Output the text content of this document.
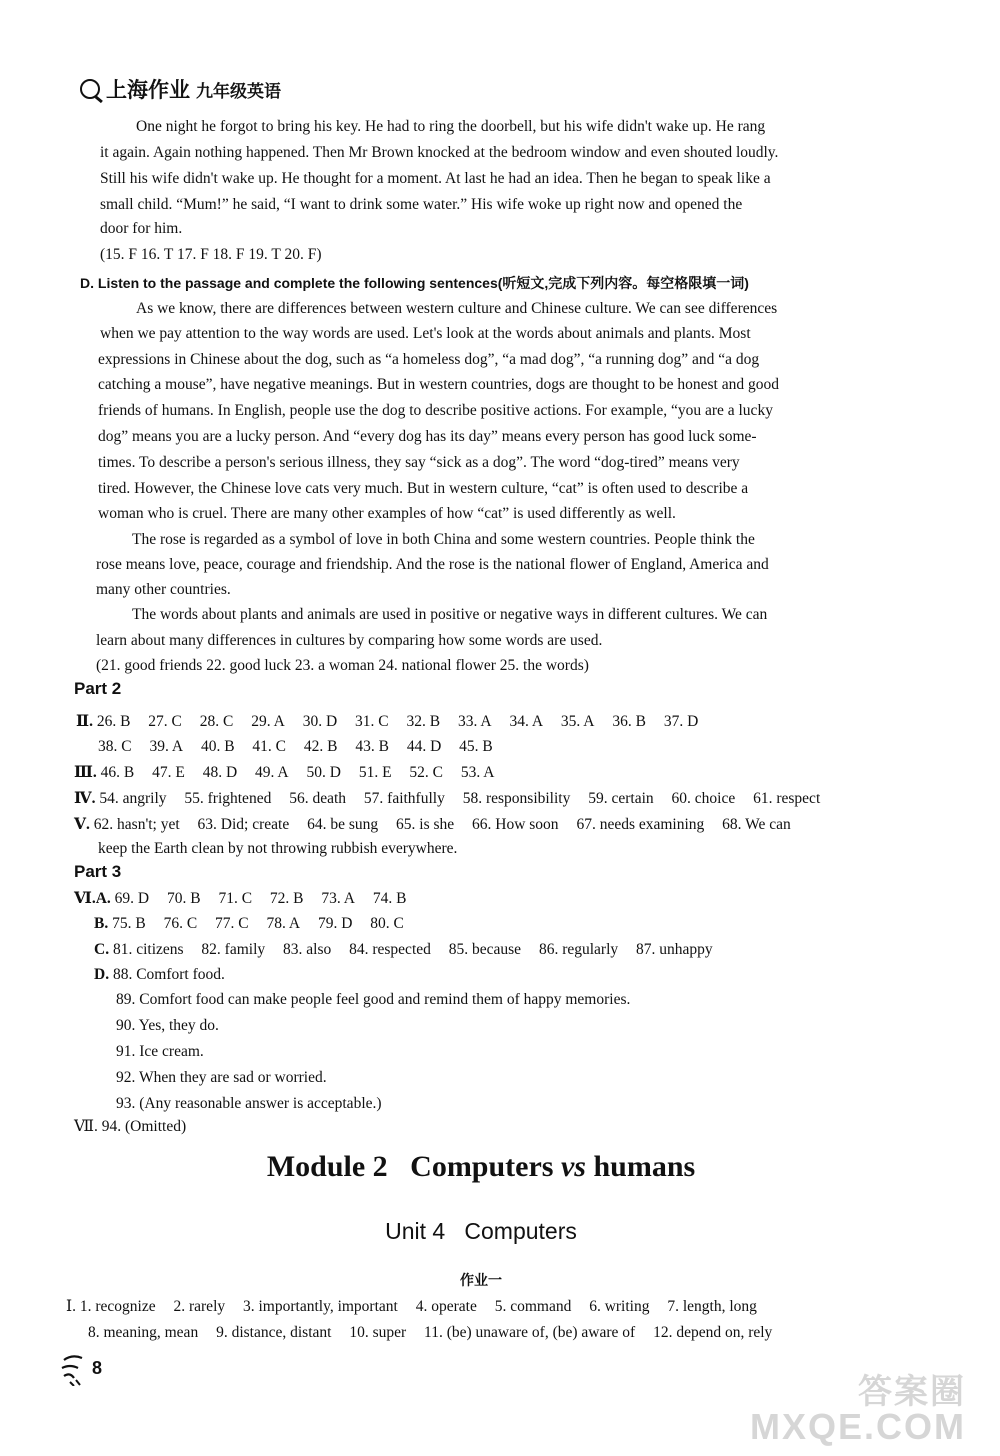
上海作业 九年级英语
One night he forgot to bring his key. He had to ring the doorbell, but his wife didn't wake up. He rang
it again. Again nothing happened. Then Mr Brown knocked at the bedroom window and even shouted loudly.
Still his wife didn't wake up. He thought for a moment. At last he had an idea. Then he began to speak like a
small child. “Mum!” he said, “I want to drink some water.” His wife woke up right now and opened the
door for him.
(15. F 16. T 17. F 18. F 19. T 20. F)
D. Listen to the passage and complete the following sentences(听短文,完成下列内容。每空格限填一词)
As we know, there are differences between western culture and Chinese culture. We can see differences
when we pay attention to the way words are used. Let's look at the words about animals and plants. Most
expressions in Chinese about the dog, such as “a homeless dog”, “a mad dog”, “a running dog” and “a dog
catching a mouse”, have negative meanings. But in western countries, dogs are thought to be honest and good
friends of humans. In English, people use the dog to describe positive actions. For example, “you are a lucky
dog” means you are a lucky person. And “every dog has its day” means every person has good luck some-
times. To describe a person's serious illness, they say “sick as a dog”. The word “dog-tired” means very
tired. However, the Chinese love cats very much. But in western culture, “cat” is often used to describe a
woman who is cruel. There are many other examples of how “cat” is used differently as well.
The rose is regarded as a symbol of love in both China and some western countries. People think the
rose means love, peace, courage and friendship. And the rose is the national flower of England, America and
many other countries.
The words about plants and animals are used in positive or negative ways in different cultures. We can
learn about many differences in cultures by comparing how some words are used.
(21. good friends 22. good luck 23. a woman 24. national flower 25. the words)
Part 2
Ⅱ. 26. B 27. C 28. C 29. A 30. D 31. C 32. B 33. A 34. A 35. A 36. B 37. D
38. C 39. A 40. B 41. C 42. B 43. B 44. D 45. B
Ⅲ. 46. B 47. E 48. D 49. A 50. D 51. E 52. C 53. A
Ⅳ. 54. angrily 55. frightened 56. death 57. faithfully 58. responsibility 59. certain 60. choice 61. respect
Ⅴ. 62. hasn't; yet 63. Did; create 64. be sung 65. is she 66. How soon 67. needs examining 68. We can
keep the Earth clean by not throwing rubbish everywhere.
Part 3
Ⅵ.A. 69. D 70. B 71. C 72. B 73. A 74. B
B. 75. B 76. C 77. C 78. A 79. D 80. C
C. 81. citizens 82. family 83. also 84. respected 85. because 86. regularly 87. unhappy
D. 88. Comfort food.
89. Comfort food can make people feel good and remind them of happy memories.
90. Yes, they do.
91. Ice cream.
92. When they are sad or worried.
93. (Any reasonable answer is acceptable.)
Ⅶ. 94. (Omitted)
Module 2   Computers vs humans
Unit 4   Computers
作业一
Ⅰ. 1. recognize 2. rarely 3. importantly, important 4. operate 5. command 6. writing 7. length, long
8. meaning, mean 9. distance, distant 10. super 11. (be) unaware of, (be) aware of 12. depend on, rely
8
答案圈
MXQE.COM
